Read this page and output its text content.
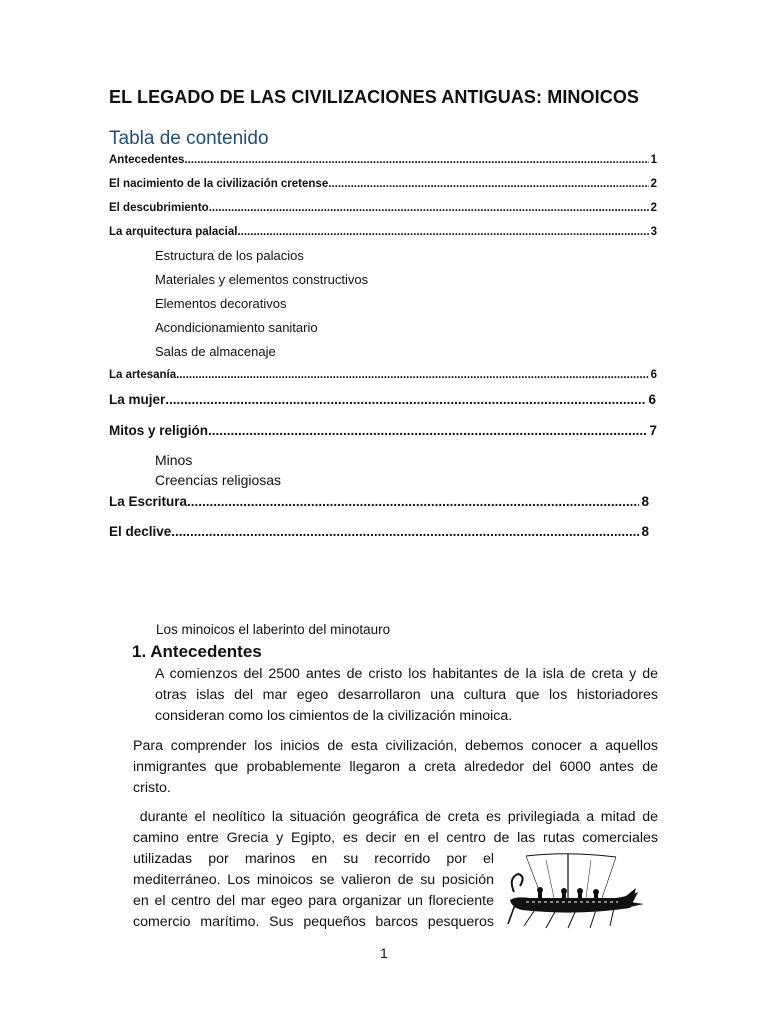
EL LEGADO DE LAS CIVILIZACIONES ANTIGUAS: MINOICOS
Tabla de contenido
Antecedentes .....	1
El nacimiento de la civilización cretense .....	2
El descubrimiento .....	2
La arquitectura palacial .....	3
Estructura de los palacios
Materiales y elementos constructivos
Elementos decorativos
Acondicionamiento sanitario
Salas de almacenaje
La artesanía .....	6
La mujer .....	6
Mitos y religión .....	7
Minos
Creencias religiosas
La Escritura .....	8
El declive .....	8
Los minoicos el laberinto del minotauro
1. Antecedentes
A comienzos del 2500 antes de cristo los habitantes de la isla de creta y de
otras islas del mar egeo desarrollaron una cultura que los historiadores
consideran como los cimientos de la civilización minoica.
Para comprender los inicios de esta civilización, debemos conocer a aquellos
inmigrantes que probablemente llegaron a creta alrededor del 6000 antes de
cristo.
durante el neolítico la situación geográfica de creta es privilegiada a mitad de
camino entre Grecia y Egipto, es decir en el centro de las rutas comerciales
utilizadas por marinos en su recorrido por el
mediterráneo. Los minoicos se valieron de su posición
en el centro del mar egeo para organizar un floreciente
comercio marítimo. Sus pequeños barcos pesqueros
1
